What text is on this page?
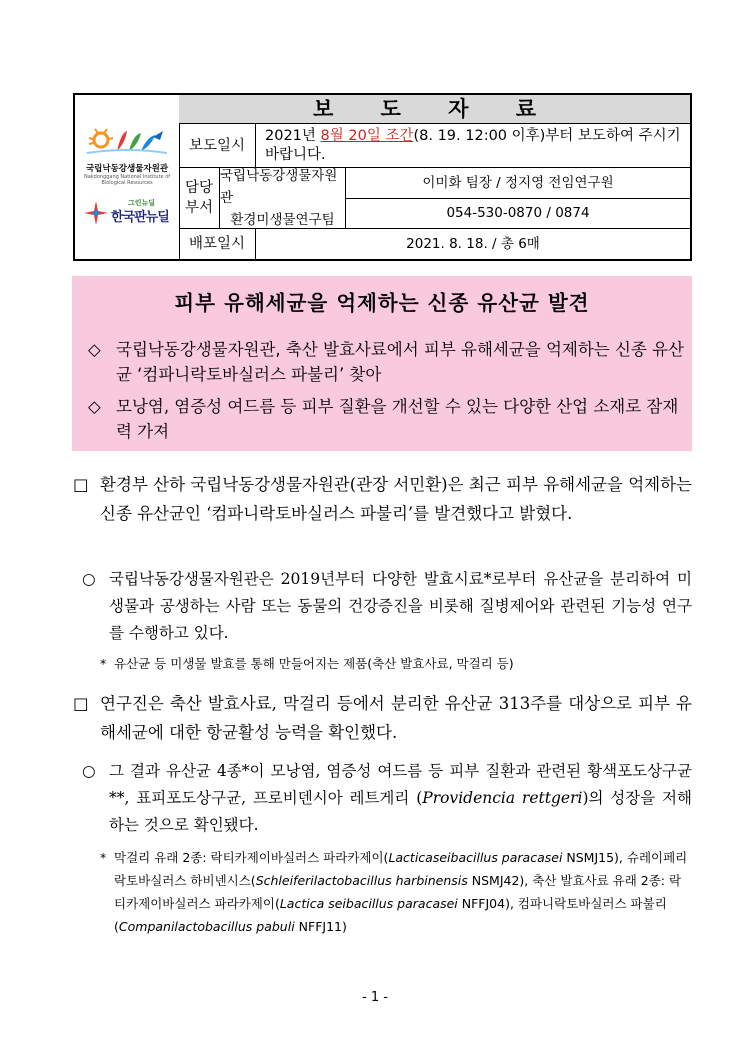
국립낙동강생물자원관
Nakdonggang National Institute of Biological Resources
그린뉴딜
한국판뉴딜
보 도 자 료
보도일시
2021년 8월 20일 조간(8. 19. 12:00 이후)부터 보도하여 주시기 바랍니다.
담당 부서
국립낙동강생물자원관
환경미생물연구팀
이미화 팀장 / 정지영 전임연구원
054-530-0870 / 0874
배포일시	2021. 8. 18. / 총 6매
피부 유해세균을 억제하는 신종 유산균 발견
◇ 국립낙동강생물자원관, 축산 발효사료에서 피부 유해세균을 억제하는 신종 유산균 ‘컴파니락토바실러스 파불리’ 찾아
◇ 모낭염, 염증성 여드름 등 피부 질환을 개선할 수 있는 다양한 산업 소재로 잠재력 가져
□ 환경부 산하 국립낙동강생물자원관(관장 서민환)은 최근 피부 유해세균을 억제하는 신종 유산균인 ‘컴파니락토바실러스 파불리’를 발견했다고 밝혔다.
○ 국립낙동강생물자원관은 2019년부터 다양한 발효시료*로부터 유산균을 분리하여 미생물과 공생하는 사람 또는 동물의 건강증진을 비롯해 질병제어와 관련된 기능성 연구를 수행하고 있다.
* 유산균 등 미생물 발효를 통해 만들어지는 제품(축산 발효사료, 막걸리 등)
□ 연구진은 축산 발효사료, 막걸리 등에서 분리한 유산균 313주를 대상으로 피부 유해세균에 대한 항균활성 능력을 확인했다.
○ 그 결과 유산균 4종*이 모낭염, 염증성 여드름 등 피부 질환과 관련된 황색포도상구균**, 표피포도상구균, 프로비덴시아 레트게리 (Providencia rettgeri)의 성장을 저해하는 것으로 확인됐다.
* 막걸리 유래 2종: 락티카제이바실러스 파라카제이(Lacticaseibacillus paracasei NSMJ15), 슈레이페리락토바실러스 하비넨시스(Schleiferilactobacillus harbinensis NSMJ42), 축산 발효사료 유래 2종: 락티카제이바실러스 파라카제이(Lactica seibacillus paracasei NFFJ04), 컴파니락토바실러스 파불리(Companilactobacillus pabuli NFFJ11)
- 1 -
